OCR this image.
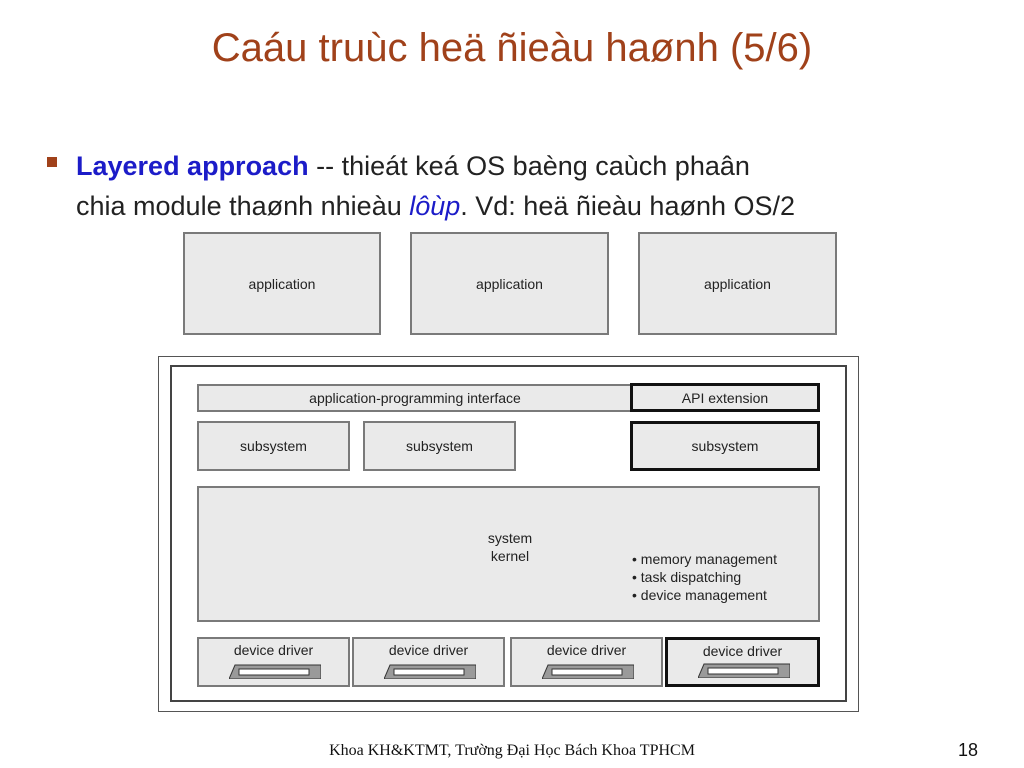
Caáu truùc heä ñieàu haønh (5/6)
Layered approach -- thieát keá OS baèng caùch phaân
chia module thaønh nhieàu lôùp. Vd: heä ñieàu haønh OS/2
application	application	application
application-programming interface	API extension
subsystem	subsystem	subsystem
system
kernel
•	memory management
• task dispatching
• device management
device driver	device driver	device driver	device driver
Khoa KH&KTMT, Trường Đại Học Bách Khoa TPHCM	18
